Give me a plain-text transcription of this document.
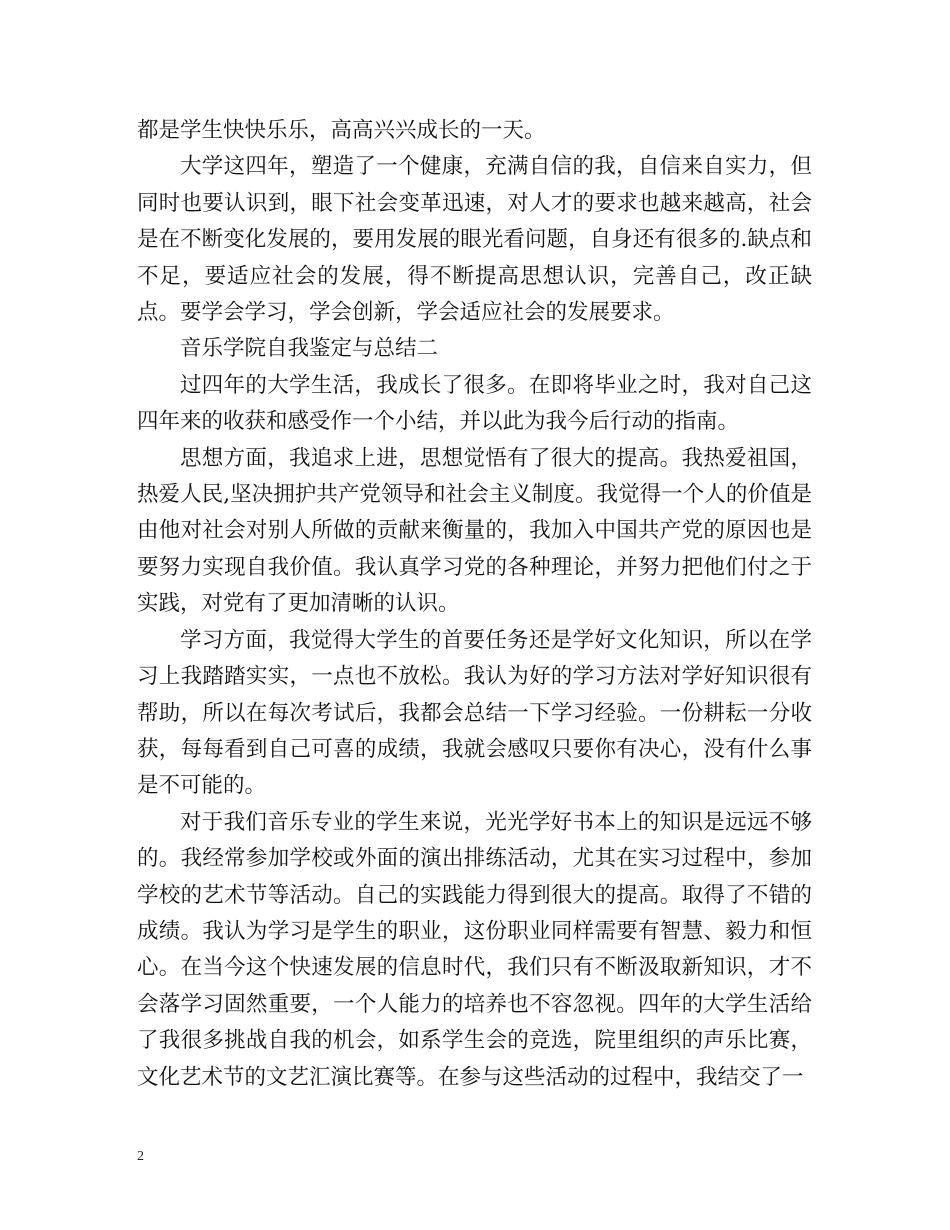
都是学生快快乐乐，高高兴兴成长的一天。

大学这四年，塑造了一个健康，充满自信的我，自信来自实力，但同时也要认识到，眼下社会变革迅速，对人才的要求也越来越高，社会是在不断变化发展的，要用发展的眼光看问题，自身还有很多的.缺点和不足，要适应社会的发展，得不断提高思想认识，完善自己，改正缺点。要学会学习，学会创新，学会适应社会的发展要求。

音乐学院自我鉴定与总结二

过四年的大学生活，我成长了很多。在即将毕业之时，我对自己这四年来的收获和感受作一个小结，并以此为我今后行动的指南。

思想方面，我追求上进，思想觉悟有了很大的提高。我热爱祖国，热爱人民,坚决拥护共产党领导和社会主义制度。我觉得一个人的价值是由他对社会对别人所做的贡献来衡量的，我加入中国共产党的原因也是要努力实现自我价值。我认真学习党的各种理论，并努力把他们付之于实践，对党有了更加清晰的认识。

学习方面，我觉得大学生的首要任务还是学好文化知识，所以在学习上我踏踏实实，一点也不放松。我认为好的学习方法对学好知识很有帮助，所以在每次考试后，我都会总结一下学习经验。一份耕耘一分收获，每每看到自己可喜的成绩，我就会感叹只要你有决心，没有什么事是不可能的。

对于我们音乐专业的学生来说，光光学好书本上的知识是远远不够的。我经常参加学校或外面的演出排练活动，尤其在实习过程中，参加学校的艺术节等活动。自己的实践能力得到很大的提高。取得了不错的成绩。我认为学习是学生的职业，这份职业同样需要有智慧、毅力和恒心。在当今这个快速发展的信息时代，我们只有不断汲取新知识，才不会落学习固然重要，一个人能力的培养也不容忽视。四年的大学生活给了我很多挑战自我的机会，如系学生会的竞选，院里组织的声乐比赛，文化艺术节的文艺汇演比赛等。在参与这些活动的过程中，我结交了一

2
